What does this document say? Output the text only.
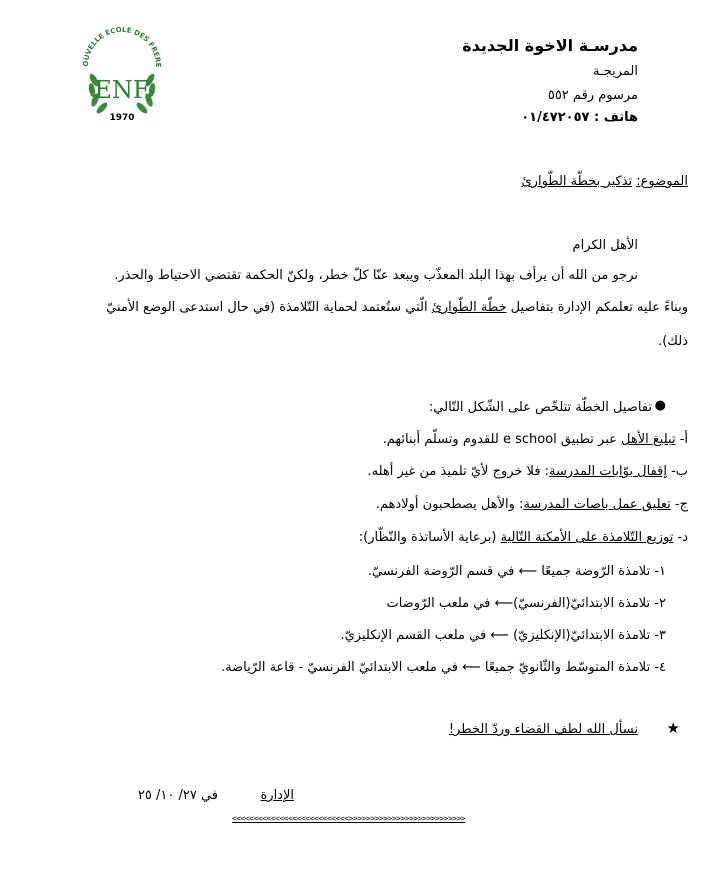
OUVELLE ECOLE DES FRERE
ENF
1970
مدرسـة الاخوة الجديدة
المريجـة
مرسوم رقم ٥٥٢
هاتف : ٠١/٤٧٢٠٥٧
الموضوع: تذكير بخطّة الطّوارئ
الأهل الكرام
نرجو من الله أن يرأف بهذا البلد المعذّب ويبعد عنّا كلّ خطر، ولكنّ الحكمة تقتضي الاحتياط والحذر.
وبناءً عليه تعلمكم الإدارة بتفاصيل خطّة الطّوارئ الّتي ستُعتمد لحماية التّلامذة (في حال استدعى الوضع الأمنيّ
ذلك).
●
تفاصيل الخطّة تتلخّص على الشّكل التّالي:
أ- تبليغ الأهل عبر تطبيق e school للقدوم وتسلّم أبنائهم.
ب- إقفال بوّابات المدرسة: فلا خروج لأيّ تلميذ من غير أهله.
ج- تعليق عمل باصات المدرسة: والأهل يصطحبون أولادهم.
د- توزيع التّلامذة على الأمكنة التّالية (برعاية الأساتذة والنّظّار):
١- تلامذة الرّوضة جميعًا ⟵ في قسم الرّوضة الفرنسيّ.
٢- تلامذة الابتدائيّ(الفرنسيّ)⟵ في ملعب الرّوضات
٣- تلامذة الابتدائيّ(الإنكليزيّ) ⟵ في ملعب القسم الإنكليزيّ.
٤- تلامذة المتوسّط والثّانويّ جميعًا ⟵ في ملعب الابتدائيّ الفرنسيّ - قاعة الرّياضة.
★
نسأل الله لطف القضاء وردّ الخطر!
الإدارة
في ٢٧/ ١٠/ ٢٥
<<<<<<<<<<<<<<<<<<<<<<<<<<<>>>>>>>>>>>>>>>>>>>>>>>>>>>
